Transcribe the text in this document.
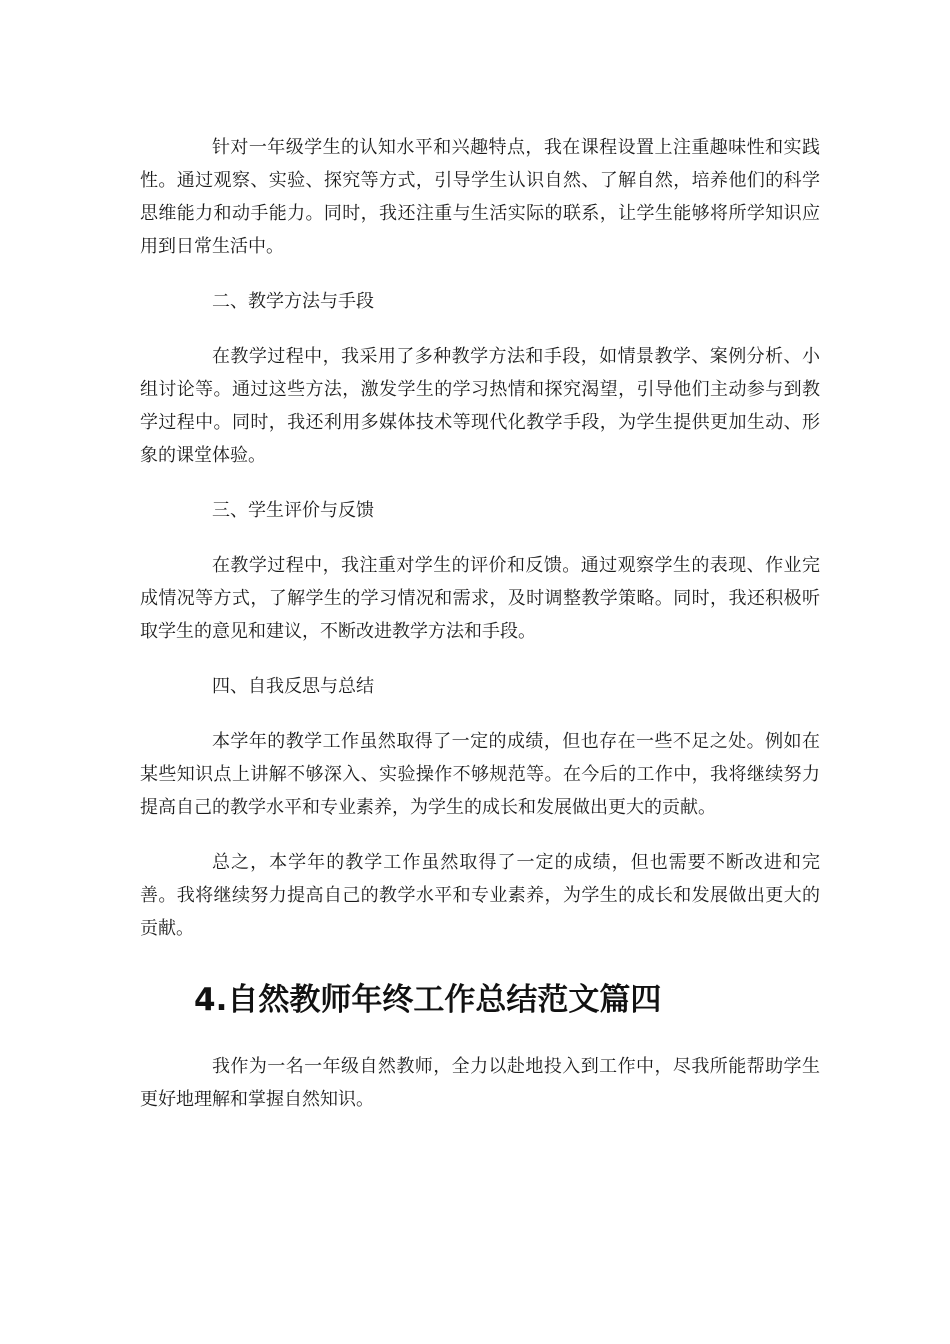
针对一年级学生的认知水平和兴趣特点，我在课程设置上注重趣味性和实践性。通过观察、实验、探究等方式，引导学生认识自然、了解自然，培养他们的科学思维能力和动手能力。同时，我还注重与生活实际的联系，让学生能够将所学知识应用到日常生活中。

二、教学方法与手段

在教学过程中，我采用了多种教学方法和手段，如情景教学、案例分析、小组讨论等。通过这些方法，激发学生的学习热情和探究渴望，引导他们主动参与到教学过程中。同时，我还利用多媒体技术等现代化教学手段，为学生提供更加生动、形象的课堂体验。

三、学生评价与反馈

在教学过程中，我注重对学生的评价和反馈。通过观察学生的表现、作业完成情况等方式，了解学生的学习情况和需求，及时调整教学策略。同时，我还积极听取学生的意见和建议，不断改进教学方法和手段。

四、自我反思与总结

本学年的教学工作虽然取得了一定的成绩，但也存在一些不足之处。例如在某些知识点上讲解不够深入、实验操作不够规范等。在今后的工作中，我将继续努力提高自己的教学水平和专业素养，为学生的成长和发展做出更大的贡献。

总之，本学年的教学工作虽然取得了一定的成绩，但也需要不断改进和完善。我将继续努力提高自己的教学水平和专业素养，为学生的成长和发展做出更大的贡献。

4.自然教师年终工作总结范文篇四

我作为一名一年级自然教师，全力以赴地投入到工作中，尽我所能帮助学生更好地理解和掌握自然知识。
